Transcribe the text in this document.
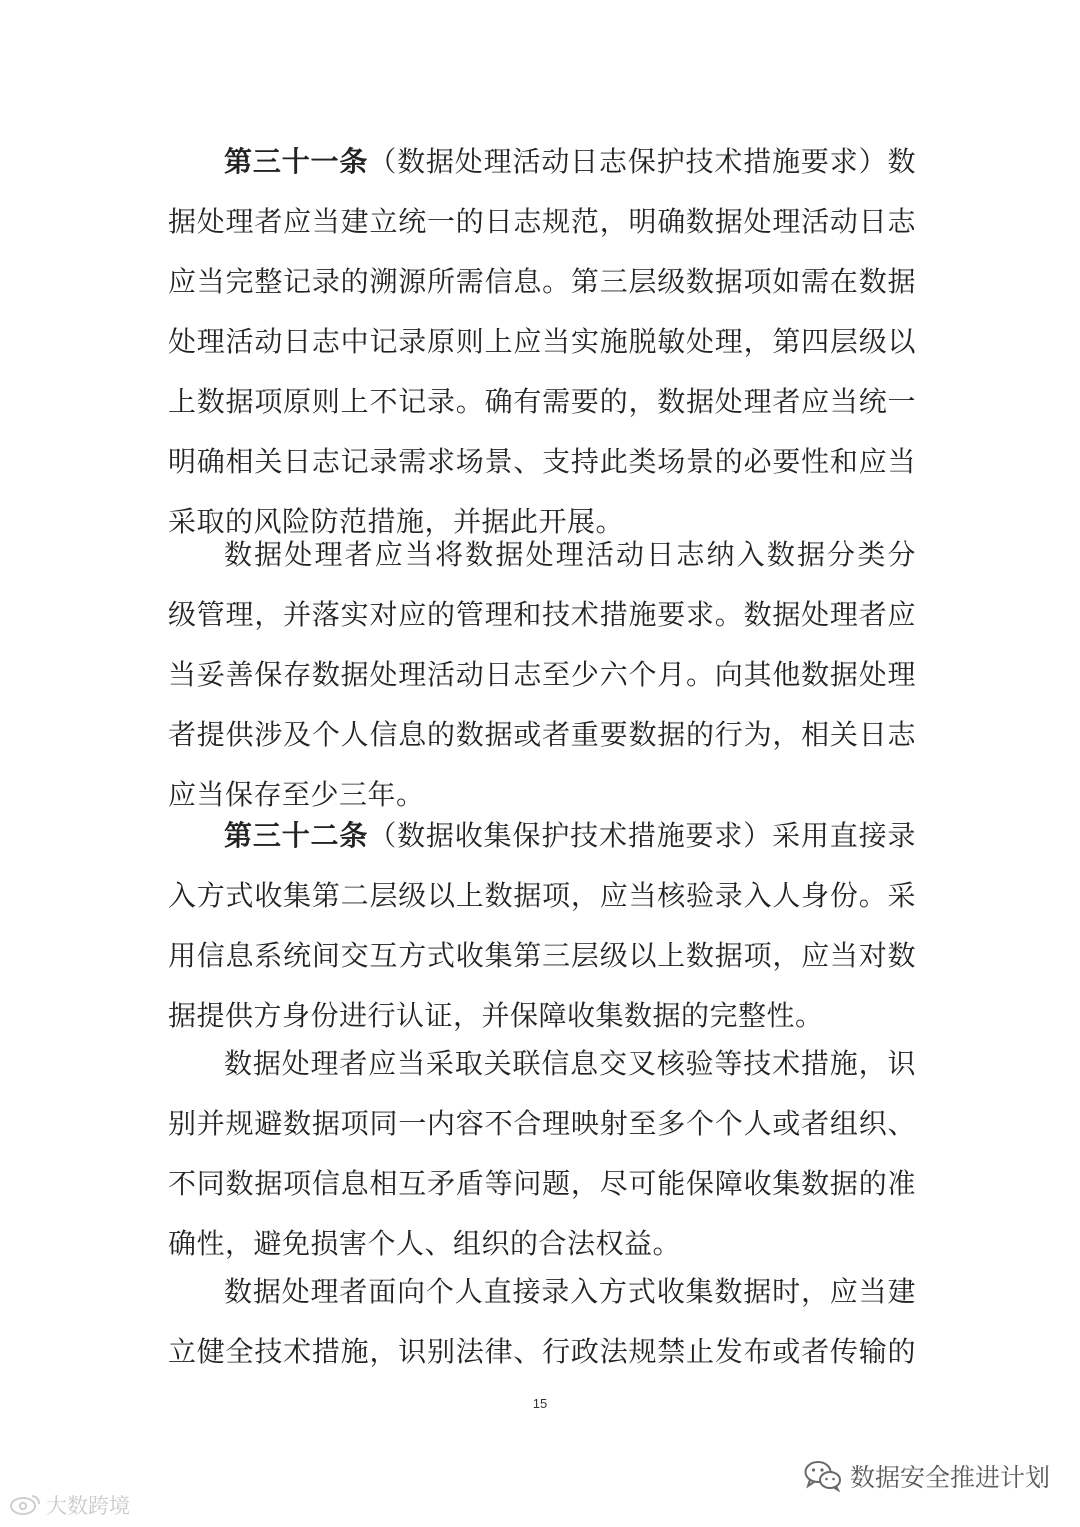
第三十一条（数据处理活动日志保护技术措施要求）数
据处理者应当建立统一的日志规范，明确数据处理活动日志
应当完整记录的溯源所需信息。第三层级数据项如需在数据
处理活动日志中记录原则上应当实施脱敏处理，第四层级以
上数据项原则上不记录。确有需要的，数据处理者应当统一
明确相关日志记录需求场景、支持此类场景的必要性和应当
采取的风险防范措施，并据此开展。
数据处理者应当将数据处理活动日志纳入数据分类分
级管理，并落实对应的管理和技术措施要求。数据处理者应
当妥善保存数据处理活动日志至少六个月。向其他数据处理
者提供涉及个人信息的数据或者重要数据的行为，相关日志
应当保存至少三年。
第三十二条（数据收集保护技术措施要求）采用直接录
入方式收集第二层级以上数据项，应当核验录入人身份。采
用信息系统间交互方式收集第三层级以上数据项，应当对数
据提供方身份进行认证，并保障收集数据的完整性。
数据处理者应当采取关联信息交叉核验等技术措施，识
别并规避数据项同一内容不合理映射至多个个人或者组织、
不同数据项信息相互矛盾等问题，尽可能保障收集数据的准
确性，避免损害个人、组织的合法权益。
数据处理者面向个人直接录入方式收集数据时，应当建
立健全技术措施，识别法律、行政法规禁止发布或者传输的
15
数据安全推进计划
大数跨境
